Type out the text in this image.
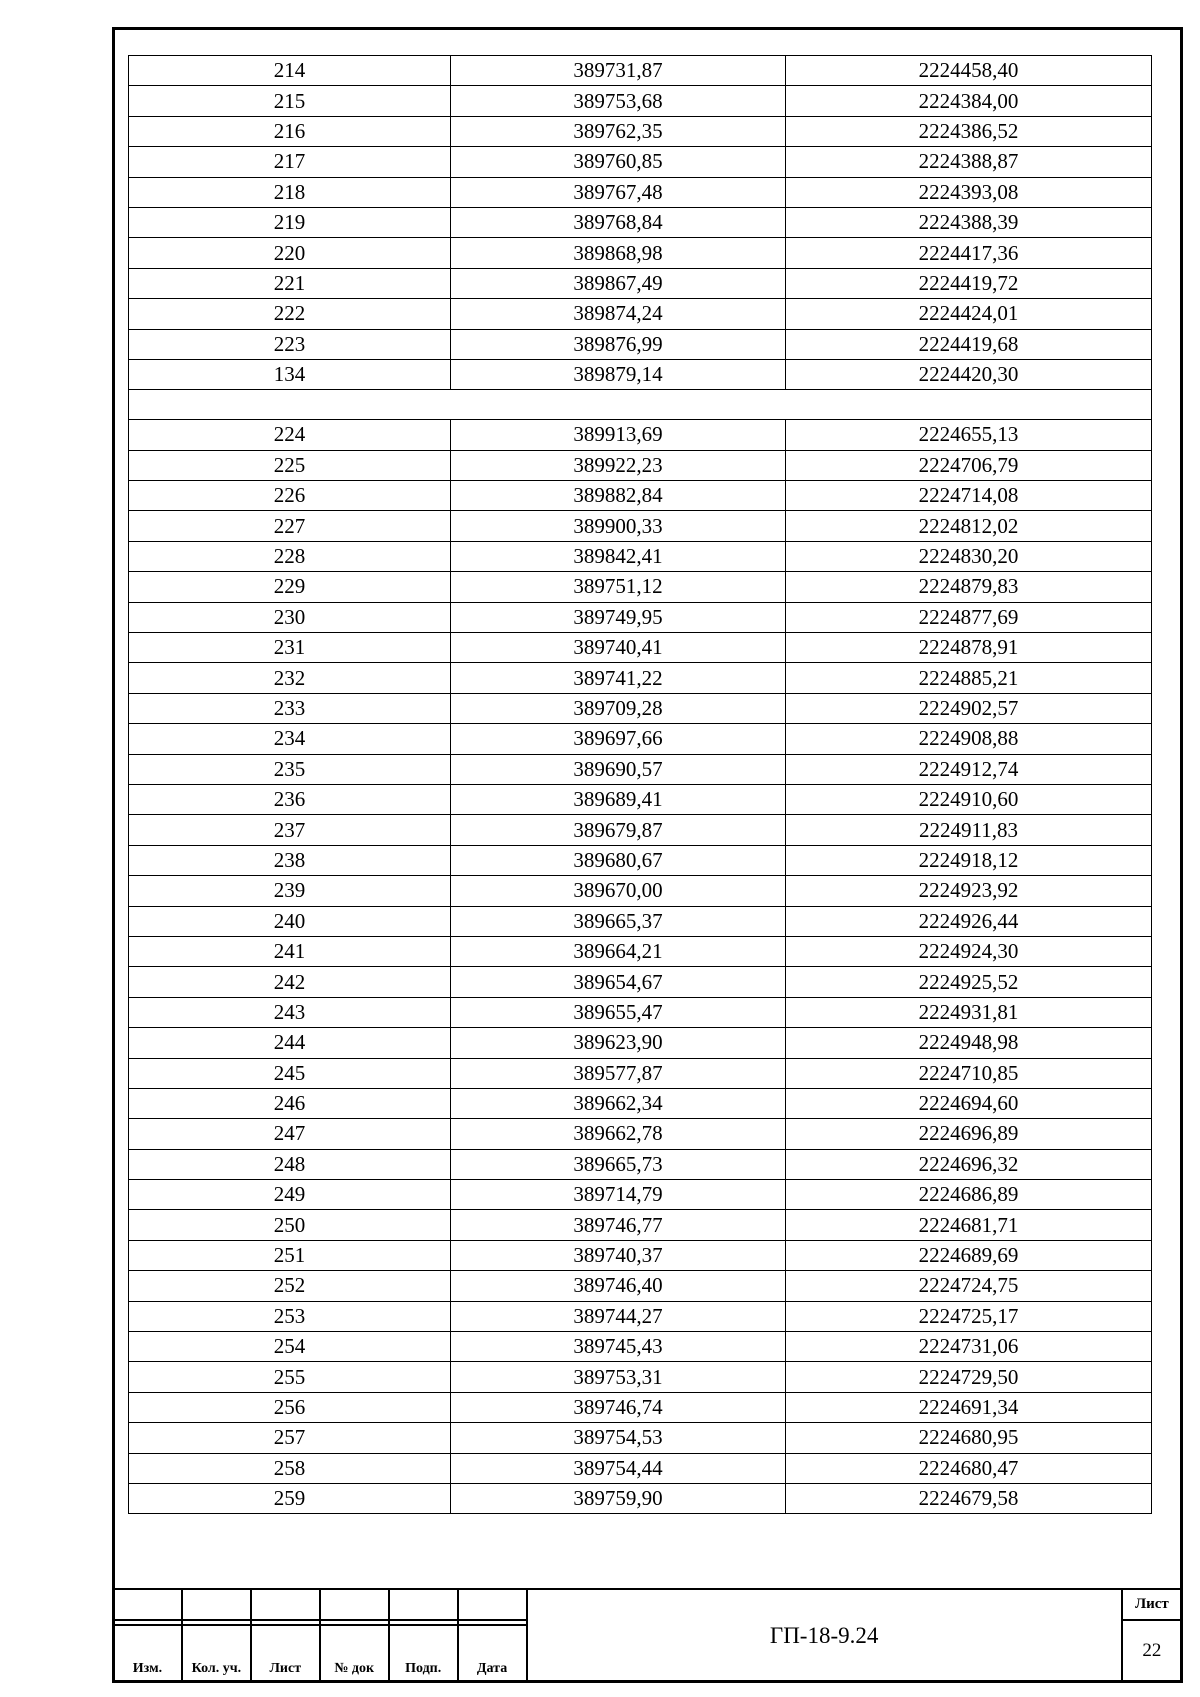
214	389731,87	2224458,40
215	389753,68	2224384,00
216	389762,35	2224386,52
217	389760,85	2224388,87
218	389767,48	2224393,08
219	389768,84	2224388,39
220	389868,98	2224417,36
221	389867,49	2224419,72
222	389874,24	2224424,01
223	389876,99	2224419,68
134	389879,14	2224420,30

224	389913,69	2224655,13
225	389922,23	2224706,79
226	389882,84	2224714,08
227	389900,33	2224812,02
228	389842,41	2224830,20
229	389751,12	2224879,83
230	389749,95	2224877,69
231	389740,41	2224878,91
232	389741,22	2224885,21
233	389709,28	2224902,57
234	389697,66	2224908,88
235	389690,57	2224912,74
236	389689,41	2224910,60
237	389679,87	2224911,83
238	389680,67	2224918,12
239	389670,00	2224923,92
240	389665,37	2224926,44
241	389664,21	2224924,30
242	389654,67	2224925,52
243	389655,47	2224931,81
244	389623,90	2224948,98
245	389577,87	2224710,85
246	389662,34	2224694,60
247	389662,78	2224696,89
248	389665,73	2224696,32
249	389714,79	2224686,89
250	389746,77	2224681,71
251	389740,37	2224689,69
252	389746,40	2224724,75
253	389744,27	2224725,17
254	389745,43	2224731,06
255	389753,31	2224729,50
256	389746,74	2224691,34
257	389754,53	2224680,95
258	389754,44	2224680,47
259	389759,90	2224679,58
						ГП-18-9.24	Лист
							22
Изм.	Кол. уч.	Лист	№ док	Подп.	Дата		
